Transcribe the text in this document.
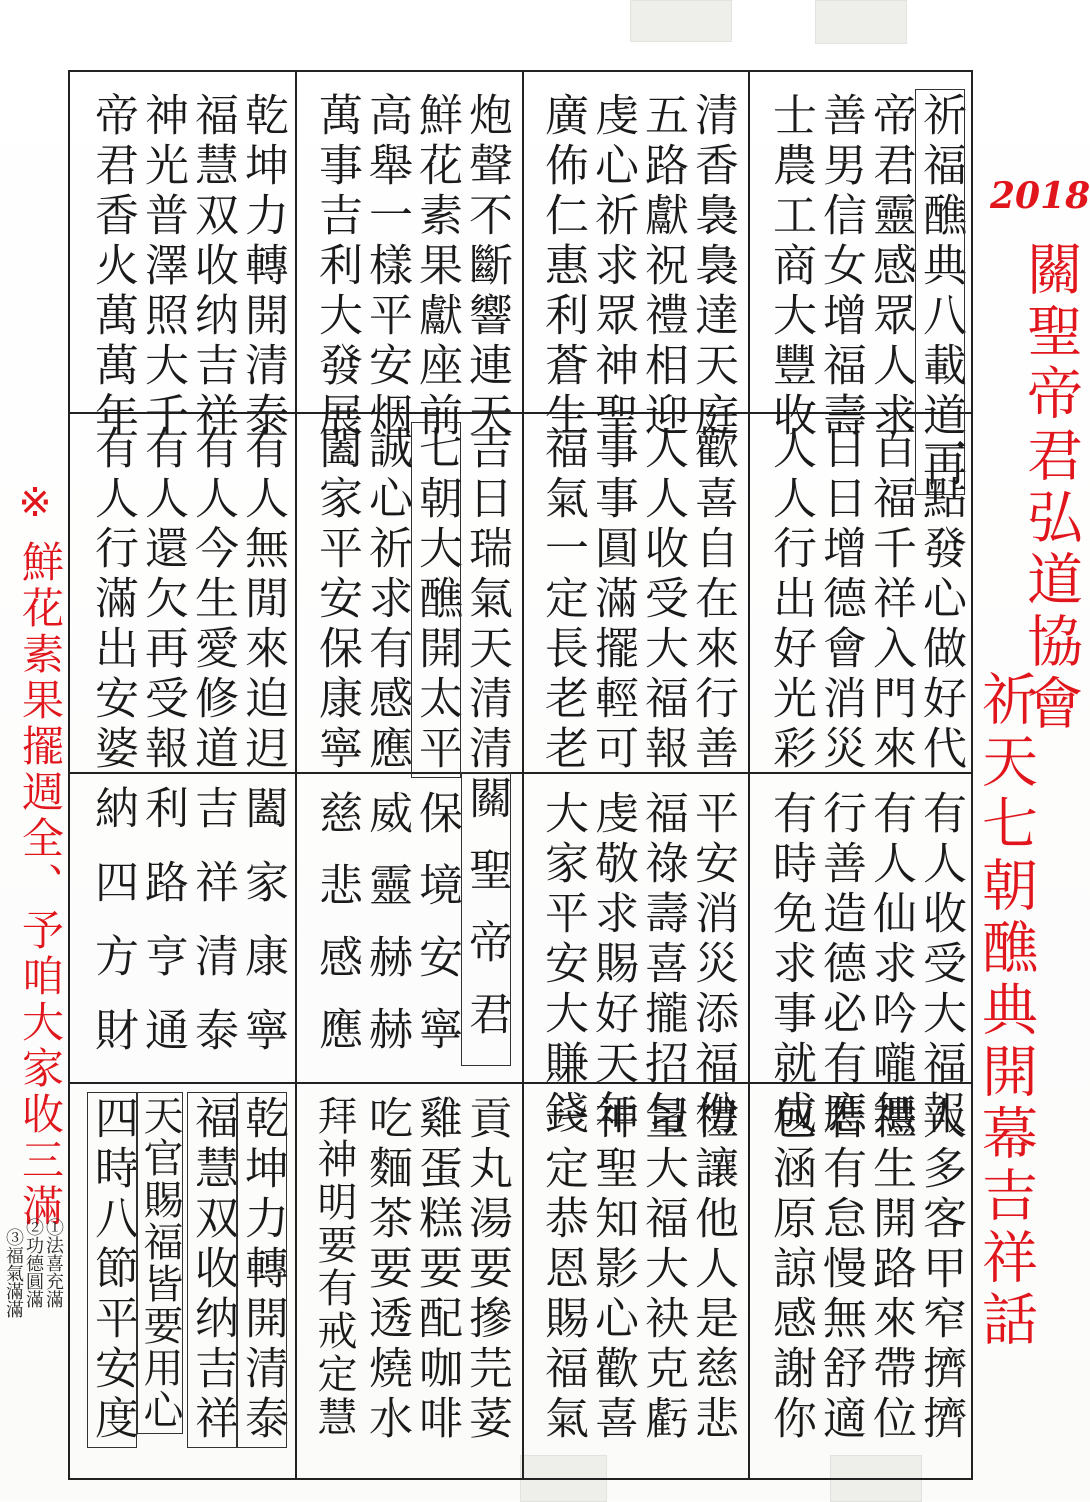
2018
關聖帝君弘道協會
祈天七朝醮典開幕吉祥話
※
鮮花素果擺週全、予咱大家收三滿
①法喜充滿
②功德圓滿
③福氣滿滿
祈福醮典八載道再
帝君靈感眾人求
善男信女增福壽
士農工商大豐收
清香裊裊達天庭
五路獻祝禮相迎
虔心祈求眾神聖
廣佈仁惠利蒼生
炮聲不斷響連天
鮮花素果獻座前
高舉一樣平安烟
萬事吉利大發展
乾坤力轉開清泰
福慧双收纳吉祥
神光普澤照大千
帝君香火萬萬年
一點發心做好代
百福千祥入門來
日日增德會消災
人人行出好光彩
歡喜自在來行善
人人收受大福報
事事圓滿擺輕可
福氣一定長老老
吉日瑞氣天清清
七朝大醮開太平
誠心祈求有感應
闔家平安保康寧
有人無閒來迫迌
有人今生愛修道
有人還欠再受報
有人行滿出安婆
有人收受大福報
有人仙求吟嚨無
行善造德必有應
有時免求事就成
平安消災添福份
福祿壽喜攏招匀
虔敬求賜好天年
大家平安大賺錢
關聖帝君
保境安寧
威靈赫赫
慈悲感應
闔家康寧
吉祥清泰
利路亨通
納四方財
人多客甲窄擠擠
禮生開路來帶位
若有怠慢無舒適
包涵原諒感謝你
禮讓他人是慈悲
量大福大袂克虧
神聖知影心歡喜
一定恭恩賜福氣
貢丸湯要摻芫荽
雞蛋糕要配咖啡
吃麵茶要透燒水
拜神明要有戒定慧
乾坤力轉開清泰
福慧双收纳吉祥
天官賜福皆要用心
四時八節平安度
